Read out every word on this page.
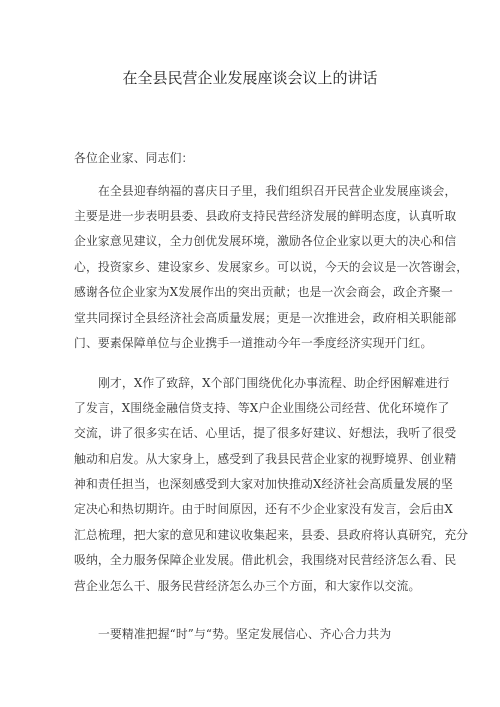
在全县民营企业发展座谈会议上的讲话
各位企业家、同志们：
在全县迎春纳福的喜庆日子里，我们组织召开民营企业发展座谈会，
主要是进一步表明县委、县政府支持民营经济发展的鲜明态度，认真听取
企业家意见建议，全力创优发展环境，激励各位企业家以更大的决心和信
心，投资家乡、建设家乡、发展家乡。可以说，今天的会议是一次答谢会，
感谢各位企业家为X发展作出的突出贡献；也是一次会商会，政企齐聚一
堂共同探讨全县经济社会高质量发展；更是一次推进会，政府相关职能部
门、要素保障单位与企业携手一道推动今年一季度经济实现开门红。
刚才，X作了致辞，X个部门围绕优化办事流程、助企纾困解难进行
了发言，X围绕金融信贷支持、等X户企业围绕公司经营、优化环境作了
交流，讲了很多实在话、心里话，提了很多好建议、好想法，我听了很受
触动和启发。从大家身上，感受到了我县民营企业家的视野境界、创业精
神和责任担当，也深刻感受到大家对加快推动X经济社会高质量发展的坚
定决心和热切期许。由于时间原因，还有不少企业家没有发言，会后由X
汇总梳理，把大家的意见和建议收集起来，县委、县政府将认真研究，充分
吸纳，全力服务保障企业发展。借此机会，我围绕对民营经济怎么看、民
营企业怎么干、服务民营经济怎么办三个方面，和大家作以交流。
一要精准把握“时”与“势。坚定发展信心、齐心合力共为
